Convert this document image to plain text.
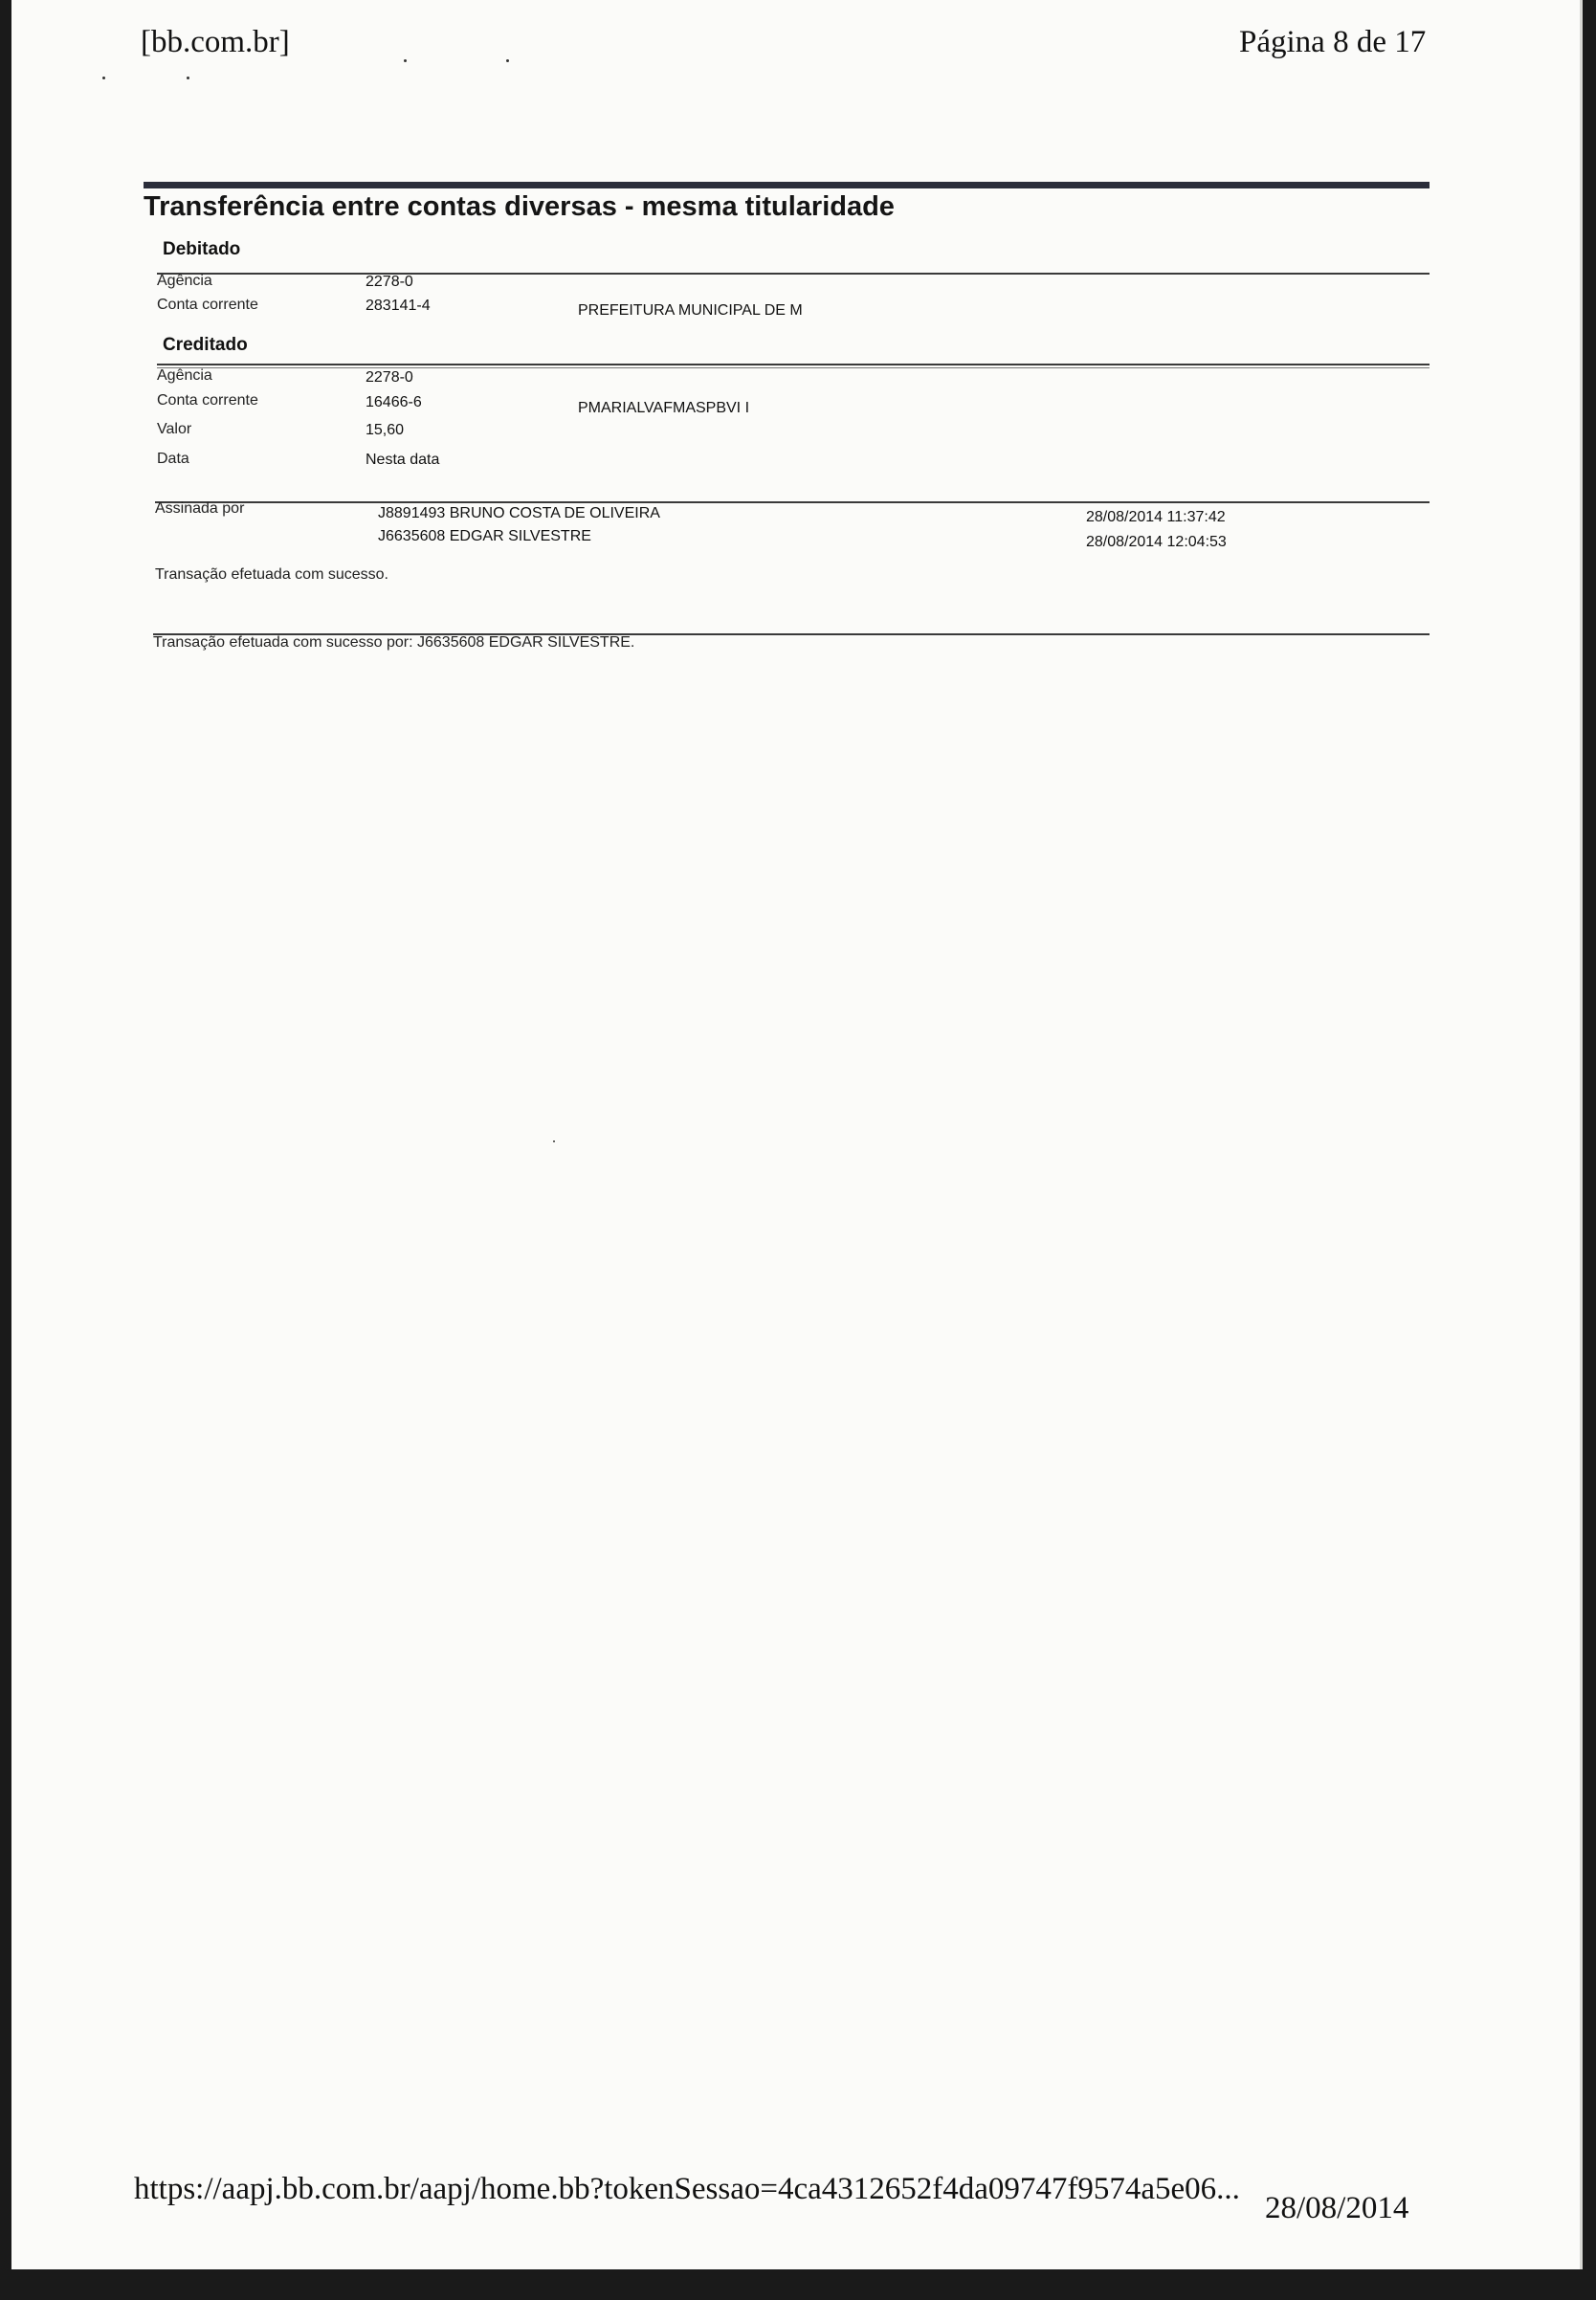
[bb.com.br]	Página 8 de 17
Transferência entre contas diversas - mesma titularidade
Debitado
Agência	2278-0
Conta corrente	283141-4	PREFEITURA MUNICIPAL DE M
Creditado
Agência	2278-0
Conta corrente	16466-6	PMARIALVAFMASPBVI I
Valor	15,60
Data	Nesta data
Assinada por	J8891493 BRUNO COSTA DE OLIVEIRA	28/08/2014 11:37:42
J6635608 EDGAR SILVESTRE	28/08/2014 12:04:53
Transação efetuada com sucesso.
Transação efetuada com sucesso por: J6635608 EDGAR SILVESTRE.
https://aapj.bb.com.br/aapj/home.bb?tokenSessao=4ca4312652f4da09747f9574a5e06...
28/08/2014
